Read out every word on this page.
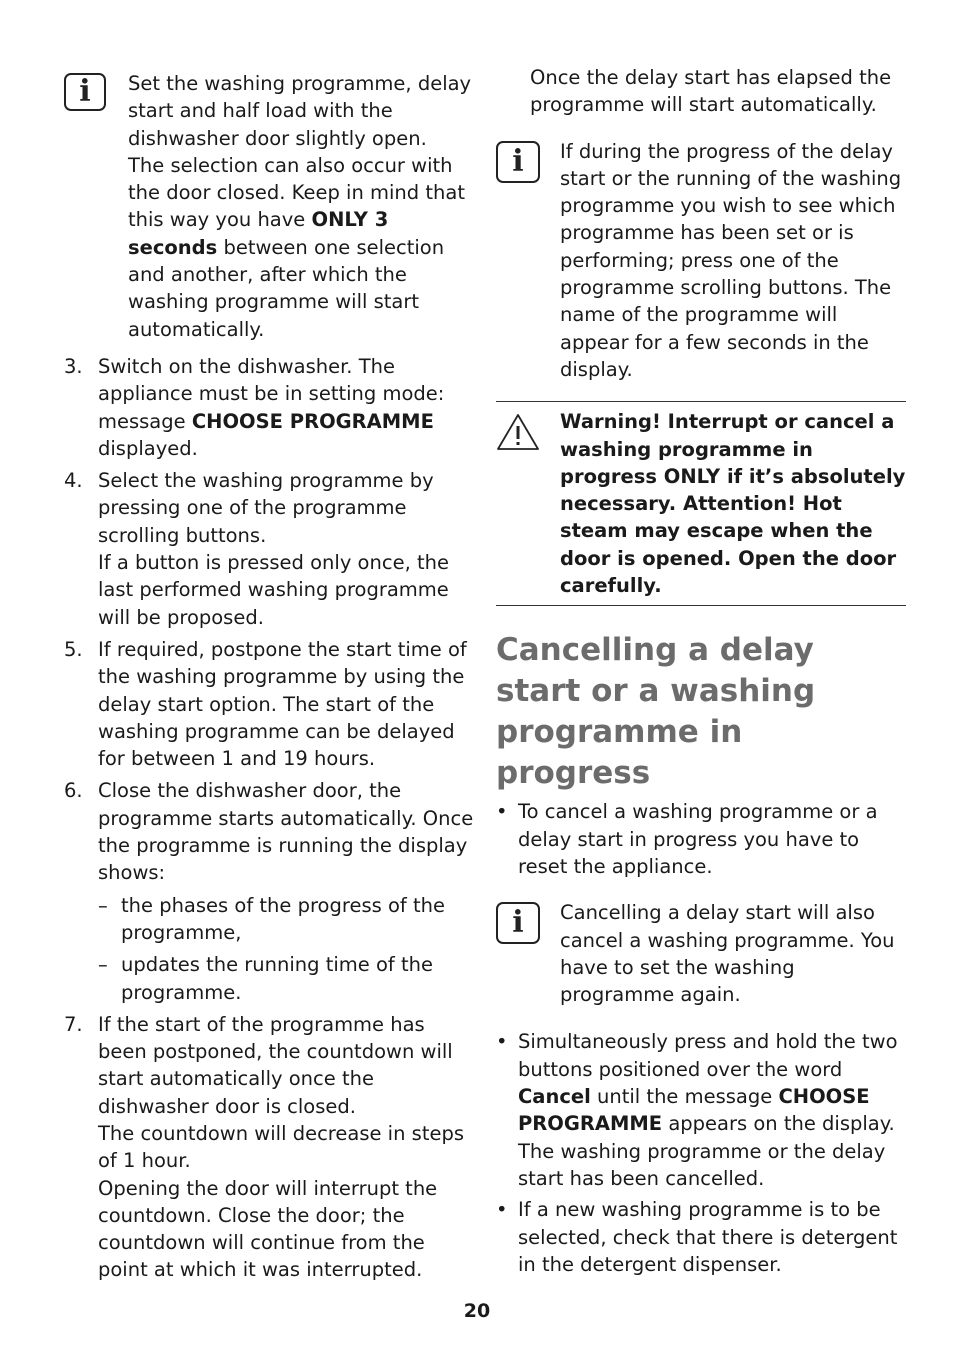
i	Set the washing programme, delay start and half load with the dishwasher door slightly open.
The selection can also occur with the door closed. Keep in mind that this way you have ONLY 3 seconds between one selection and another, after which the washing programme will start automatically.
3. Switch on the dishwasher. The appliance must be in setting mode: message CHOOSE PROGRAMME displayed.
4. Select the washing programme by pressing one of the programme scrolling buttons.
If a button is pressed only once, the last performed washing programme will be proposed.
5. If required, postpone the start time of the washing programme by using the delay start option. The start of the washing programme can be delayed for between 1 and 19 hours.
6. Close the dishwasher door, the programme starts automatically. Once the programme is running the display shows:
– the phases of the progress of the programme,
– updates the running time of the programme.
7. If the start of the programme has been postponed, the countdown will start automatically once the dishwasher door is closed.
The countdown will decrease in steps of 1 hour.
Opening the door will interrupt the countdown. Close the door; the countdown will continue from the point at which it was interrupted.
Once the delay start has elapsed the programme will start automatically.
i	If during the progress of the delay start or the running of the washing programme you wish to see which programme has been set or is performing; press one of the programme scrolling buttons. The name of the programme will appear for a few seconds in the display.
Warning! Interrupt or cancel a washing programme in progress ONLY if it’s absolutely necessary. Attention! Hot steam may escape when the door is opened. Open the door carefully.
Cancelling a delay start or a washing programme in progress
• To cancel a washing programme or a delay start in progress you have to reset the appliance.
i	Cancelling a delay start will also cancel a washing programme. You have to set the washing programme again.
• Simultaneously press and hold the two buttons positioned over the word Cancel until the message CHOOSE PROGRAMME appears on the display. The washing programme or the delay start has been cancelled.
• If a new washing programme is to be selected, check that there is detergent in the detergent dispenser.
20
